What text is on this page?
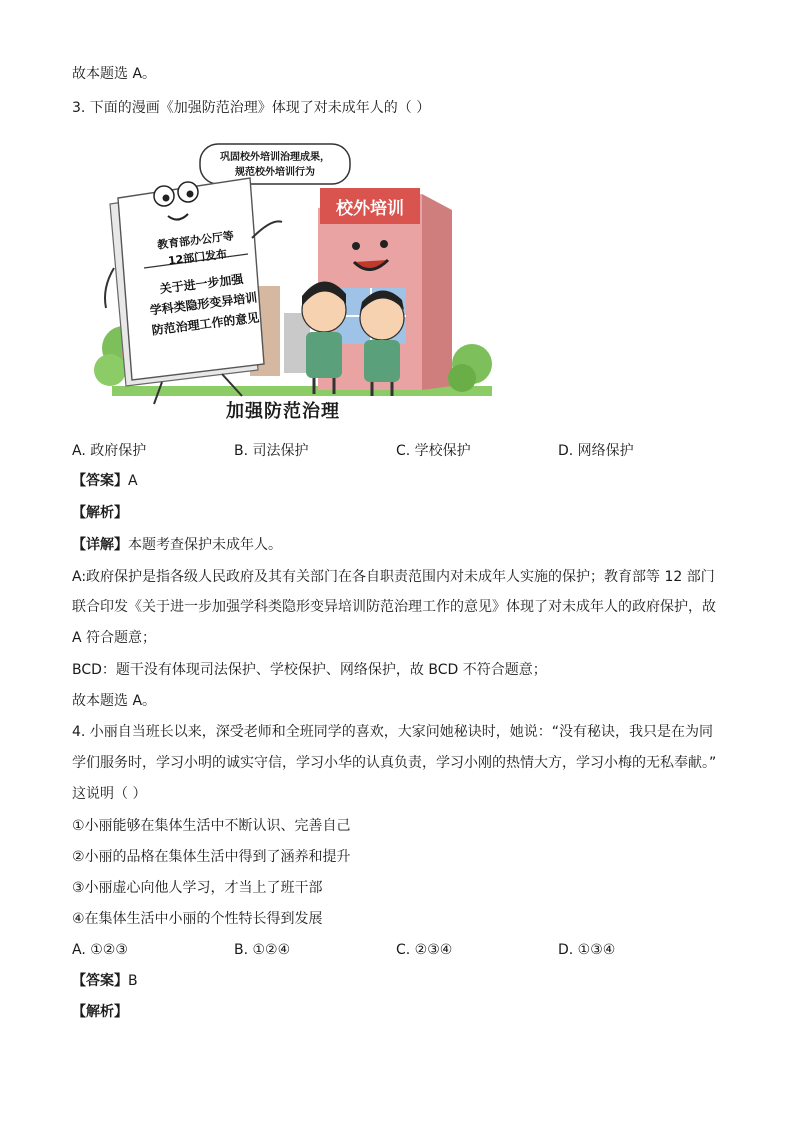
故本题选 A。
3. 下面的漫画《加强防范治理》体现了对未成年人的（ ）
校外培训
巩固校外培训治理成果，
规范校外培训行为
教育部办公厅等
12部门发布
关于进一步加强
学科类隐形变异培训
防范治理工作的意见
加强防范治理
A. 政府保护	B. 司法保护	C. 学校保护	D. 网络保护
【答案】A
【解析】
【详解】本题考查保护未成年人。
A:政府保护是指各级人民政府及其有关部门在各自职责范围内对未成年人实施的保护；教育部等 12 部门
联合印发《关于进一步加强学科类隐形变异培训防范治理工作的意见》体现了对未成年人的政府保护，故
A 符合题意；
BCD：题干没有体现司法保护、学校保护、网络保护，故 BCD 不符合题意；
故本题选 A。
4. 小丽自当班长以来，深受老师和全班同学的喜欢，大家问她秘诀时，她说：“没有秘诀，我只是在为同
学们服务时，学习小明的诚实守信，学习小华的认真负责，学习小刚的热情大方，学习小梅的无私奉献。”
这说明（ ）
①小丽能够在集体生活中不断认识、完善自己
②小丽的品格在集体生活中得到了涵养和提升
③小丽虚心向他人学习，才当上了班干部
④在集体生活中小丽的个性特长得到发展
A. ①②③	B. ①②④	C. ②③④	D. ①③④
【答案】B
【解析】
